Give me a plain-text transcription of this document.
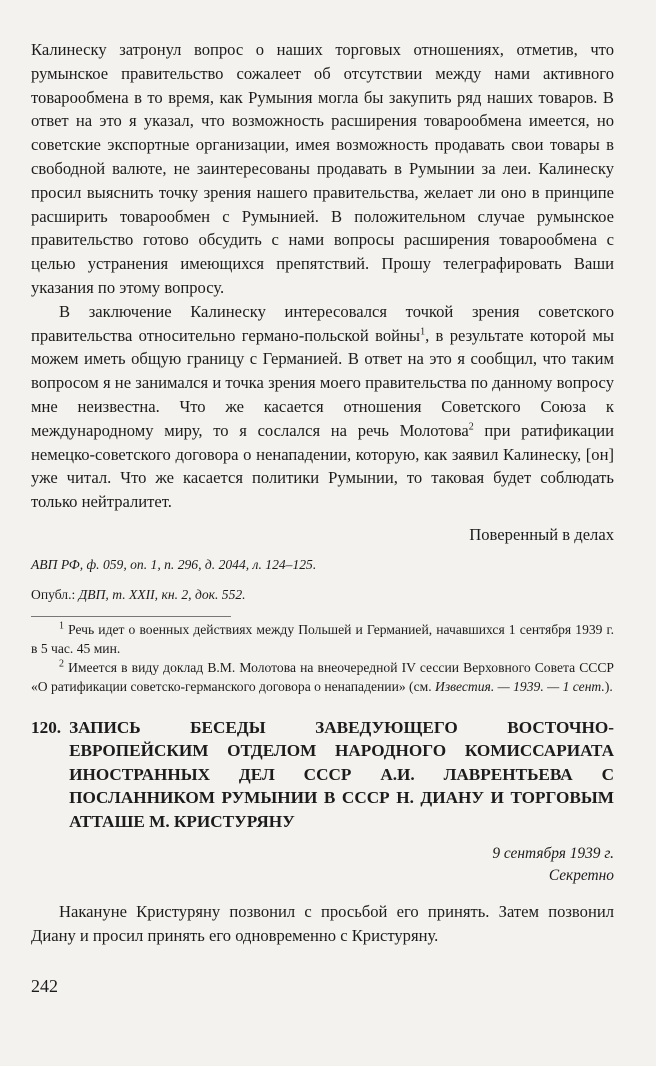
Калинеску затронул вопрос о наших торговых отношениях, отметив, что румынское правительство сожалеет об отсутствии между нами активного товарообмена в то время, как Румыния могла бы закупить ряд наших товаров. В ответ на это я указал, что возможность расширения товарообмена имеется, но советские экспортные организации, имея возможность продавать свои товары в свободной валюте, не заинтересованы продавать в Румынии за леи. Калинеску просил выяснить точку зрения нашего правительства, желает ли оно в принципе расширить товарообмен с Румынией. В положительном случае румынское правительство готово обсудить с нами вопросы расширения товарообмена с целью устранения имеющихся препятствий. Прошу телеграфировать Ваши указания по этому вопросу.

В заключение Калинеску интересовался точкой зрения советского правительства относительно германо-польской войны$^1$, в результате которой мы можем иметь общую границу с Германией. В ответ на это я сообщил, что таким вопросом я не занимался и точка зрения моего правительства по данному вопросу мне неизвестна. Что же касается отношения Советского Союза к международному миру, то я сослался на речь Молотова$^2$ при ратификации немецко-советского договора о ненападении, которую, как заявил Калинеску, [он] уже читал. Что же касается политики Румынии, то таковая будет соблюдать только нейтралитет.

Поверенный в делах

АВП РФ, ф. 059, оп. 1, п. 296, д. 2044, л. 124–125.

Опубл.: ДВП, т. XXII, кн. 2, док. 552.

$^1$ Речь идет о военных действиях между Польшей и Германией, начавшихся 1 сентября 1939 г. в 5 час. 45 мин.

$^2$ Имеется в виду доклад В.М. Молотова на внеочередной IV сессии Верховного Совета СССР «О ратификации советско-германского договора о ненападении» (см. Известия. — 1939. — 1 сент.).

120. ЗАПИСЬ БЕСЕДЫ ЗАВЕДУЮЩЕГО ВОСТОЧНО-ЕВРОПЕЙСКИМ ОТДЕЛОМ НАРОДНОГО КОМИССАРИАТА ИНОСТРАННЫХ ДЕЛ СССР А.И. ЛАВРЕНТЬЕВА С ПОСЛАННИКОМ РУМЫНИИ В СССР Н. ДИАНУ И ТОРГОВЫМ АТТАШЕ М. КРИСТУРЯНУ
9 сентября 1939 г.
Секретно

Накануне Кристуряну позвонил с просьбой его принять. Затем позвонил Диану и просил принять его одновременно с Кристуряну.

242
